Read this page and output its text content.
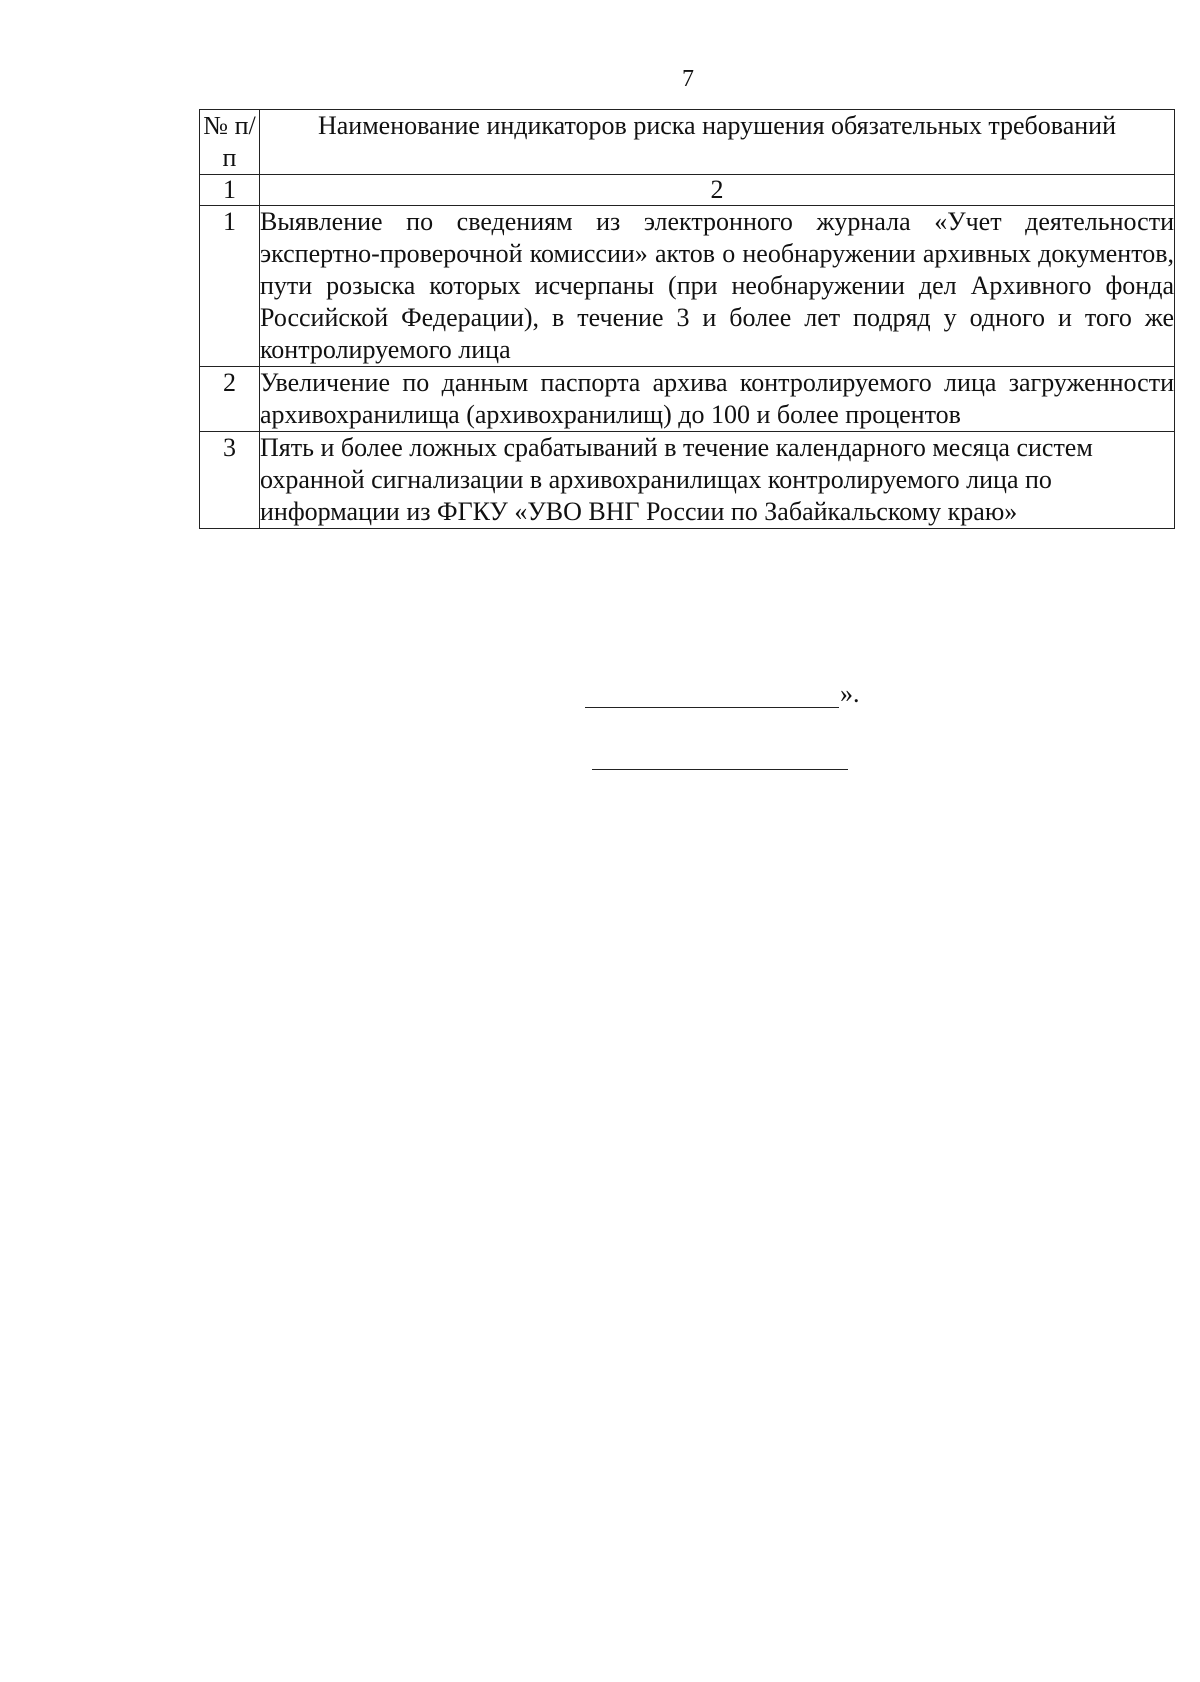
7
№ п/п	Наименование индикаторов риска нарушения обязательных требований
1	2
1	Выявление по сведениям из электронного журнала «Учет деятельности экспертно-проверочной комиссии» актов о необнаружении архивных документов, пути розыска которых исчерпаны (при необнаружении дел Архивного фонда Российской Федерации), в течение 3 и более лет подряд у одного и того же контролируемого лица
2	Увеличение по данным паспорта архива контролируемого лица загруженности архивохранилища (архивохранилищ) до 100 и более процентов
3	Пять и более ложных срабатываний в течение календарного месяца систем охранной сигнализации в архивохранилищах контролируемого лица по информации из ФГКУ «УВО ВНГ России по Забайкальскому краю»
».
